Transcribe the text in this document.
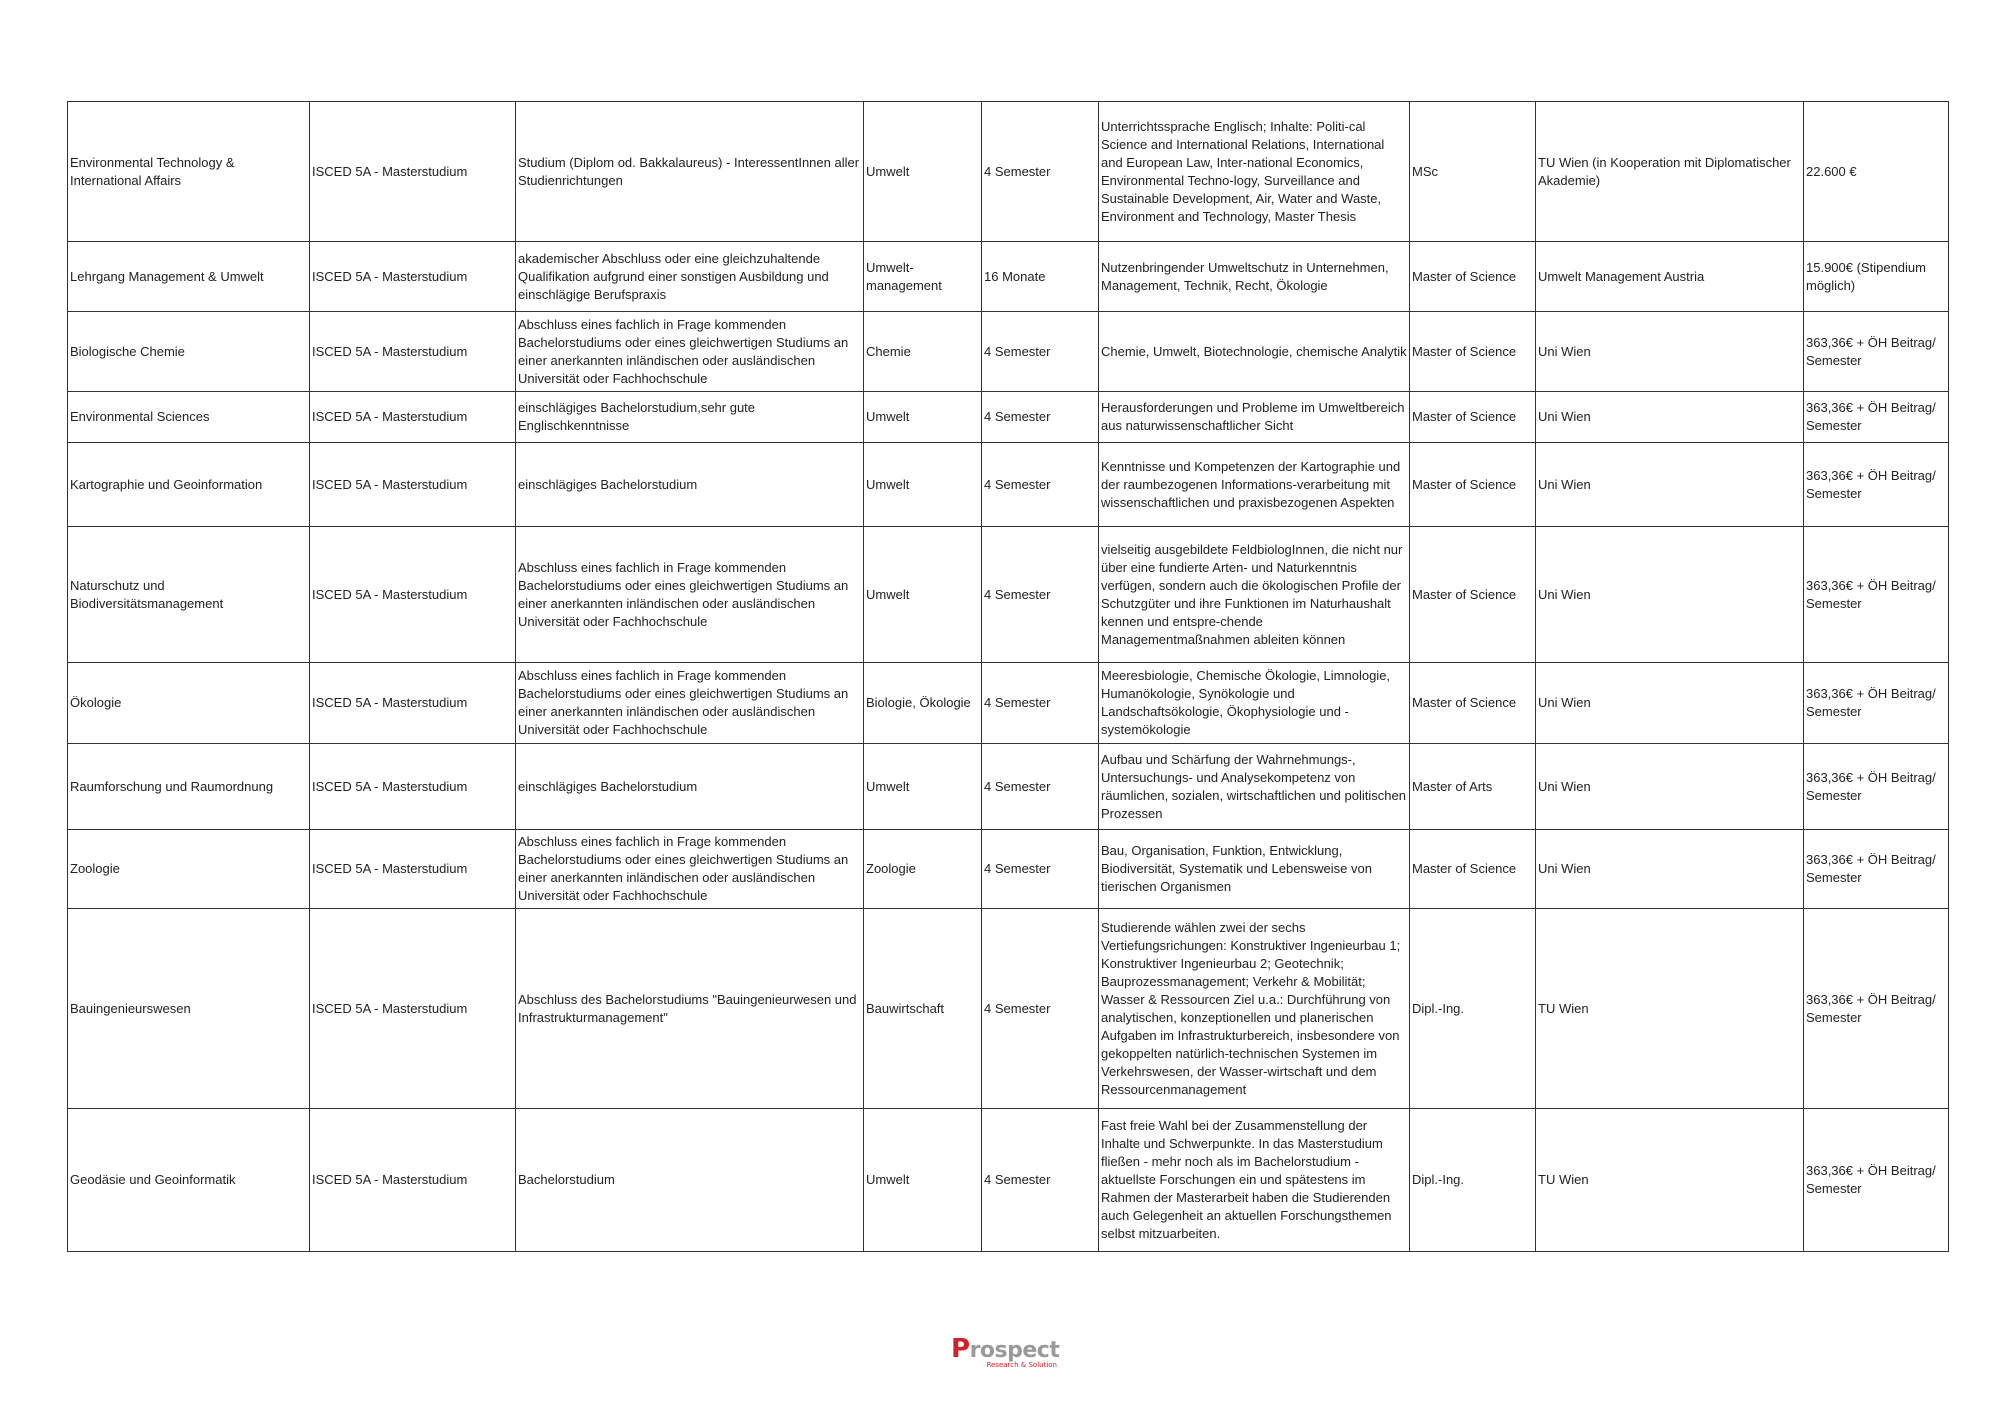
Environmental Technology & International Affairs	ISCED 5A - Masterstudium	Studium (Diplom od. Bakkalaureus) - InteressentInnen aller Studienrichtungen	Umwelt	4 Semester	Unterrichtssprache Englisch; Inhalte: Politi-cal Science and International Relations, International and European Law, Inter-national Economics, Environmental Techno-logy, Surveillance and Sustainable Development, Air, Water and Waste, Environment and Technology, Master Thesis	MSc	TU Wien (in Kooperation mit Diplomatischer Akademie)	22.600 €
Lehrgang Management & Umwelt	ISCED 5A - Masterstudium	akademischer Abschluss oder eine gleichzuhaltende Qualifikation aufgrund einer sonstigen Ausbildung und einschlägige Berufspraxis	Umwelt-management	16 Monate	Nutzenbringender Umweltschutz in Unternehmen, Management, Technik, Recht, Ökologie	Master of Science	Umwelt Management Austria	15.900€ (Stipendium möglich)
Biologische Chemie	ISCED 5A - Masterstudium	Abschluss eines fachlich in Frage kommenden Bachelorstudiums oder eines gleichwertigen Studiums an einer anerkannten inländischen oder ausländischen Universität oder Fachhochschule	Chemie	4 Semester	Chemie, Umwelt, Biotechnologie, chemische Analytik	Master of Science	Uni Wien	363,36€ + ÖH Beitrag/ Semester
Environmental Sciences	ISCED 5A - Masterstudium	einschlägiges Bachelorstudium,sehr gute Englischkenntnisse	Umwelt	4 Semester	Herausforderungen und Probleme im Umweltbereich aus naturwissenschaftlicher Sicht	Master of Science	Uni Wien	363,36€ + ÖH Beitrag/ Semester
Kartographie und Geoinformation	ISCED 5A - Masterstudium	einschlägiges Bachelorstudium	Umwelt	4 Semester	Kenntnisse und Kompetenzen der Kartographie und der raumbezogenen Informations-verarbeitung mit wissenschaftlichen und praxisbezogenen Aspekten	Master of Science	Uni Wien	363,36€ + ÖH Beitrag/ Semester
Naturschutz und Biodiversitätsmanagement	ISCED 5A - Masterstudium	Abschluss eines fachlich in Frage kommenden Bachelorstudiums oder eines gleichwertigen Studiums an einer anerkannten inländischen oder ausländischen Universität oder Fachhochschule	Umwelt	4 Semester	vielseitig ausgebildete FeldbiologInnen, die nicht nur über eine fundierte Arten- und Naturkenntnis verfügen, sondern auch die ökologischen Profile der Schutzgüter und ihre Funktionen im Naturhaushalt kennen und entspre-chende Managementmaßnahmen ableiten können	Master of Science	Uni Wien	363,36€ + ÖH Beitrag/ Semester
Ökologie	ISCED 5A - Masterstudium	Abschluss eines fachlich in Frage kommenden Bachelorstudiums oder eines gleichwertigen Studiums an einer anerkannten inländischen oder ausländischen Universität oder Fachhochschule	Biologie, Ökologie	4 Semester	Meeresbiologie, Chemische Ökologie, Limnologie, Humanökologie, Synökologie und Landschaftsökologie, Ökophysiologie und - systemökologie	Master of Science	Uni Wien	363,36€ + ÖH Beitrag/ Semester
Raumforschung und Raumordnung	ISCED 5A - Masterstudium	einschlägiges Bachelorstudium	Umwelt	4 Semester	Aufbau und Schärfung der Wahrnehmungs-, Untersuchungs- und Analysekompetenz von räumlichen, sozialen, wirtschaftlichen und politischen Prozessen	Master of Arts	Uni Wien	363,36€ + ÖH Beitrag/ Semester
Zoologie	ISCED 5A - Masterstudium	Abschluss eines fachlich in Frage kommenden Bachelorstudiums oder eines gleichwertigen Studiums an einer anerkannten inländischen oder ausländischen Universität oder Fachhochschule	Zoologie	4 Semester	Bau, Organisation, Funktion, Entwicklung, Biodiversität, Systematik und Lebensweise von tierischen Organismen	Master of Science	Uni Wien	363,36€ + ÖH Beitrag/ Semester
Bauingenieurswesen	ISCED 5A - Masterstudium	Abschluss des Bachelorstudiums "Bauingenieurwesen und Infrastrukturmanagement"	Bauwirtschaft	4 Semester	Studierende wählen zwei der sechs Vertiefungsrichungen: Konstruktiver Ingenieurbau 1; Konstruktiver Ingenieurbau 2; Geotechnik; Bauprozessmanagement; Verkehr & Mobilität; Wasser & Ressourcen Ziel u.a.: Durchführung von analytischen, konzeptionellen und planerischen Aufgaben im Infrastrukturbereich, insbesondere von gekoppelten natürlich-technischen Systemen im Verkehrswesen, der Wasser-wirtschaft und dem Ressourcenmanagement	Dipl.-Ing.	TU Wien	363,36€ + ÖH Beitrag/ Semester
Geodäsie und Geoinformatik	ISCED 5A - Masterstudium	Bachelorstudium	Umwelt	4 Semester	Fast freie Wahl bei der Zusammenstellung der Inhalte und Schwerpunkte. In das Masterstudium fließen - mehr noch als im Bachelorstudium - aktuellste Forschungen ein und spätestens im Rahmen der Masterarbeit haben die Studierenden auch Gelegenheit an aktuellen Forschungsthemen selbst mitzuarbeiten.	Dipl.-Ing.	TU Wien	363,36€ + ÖH Beitrag/ Semester
Prospect
Research & Solution
